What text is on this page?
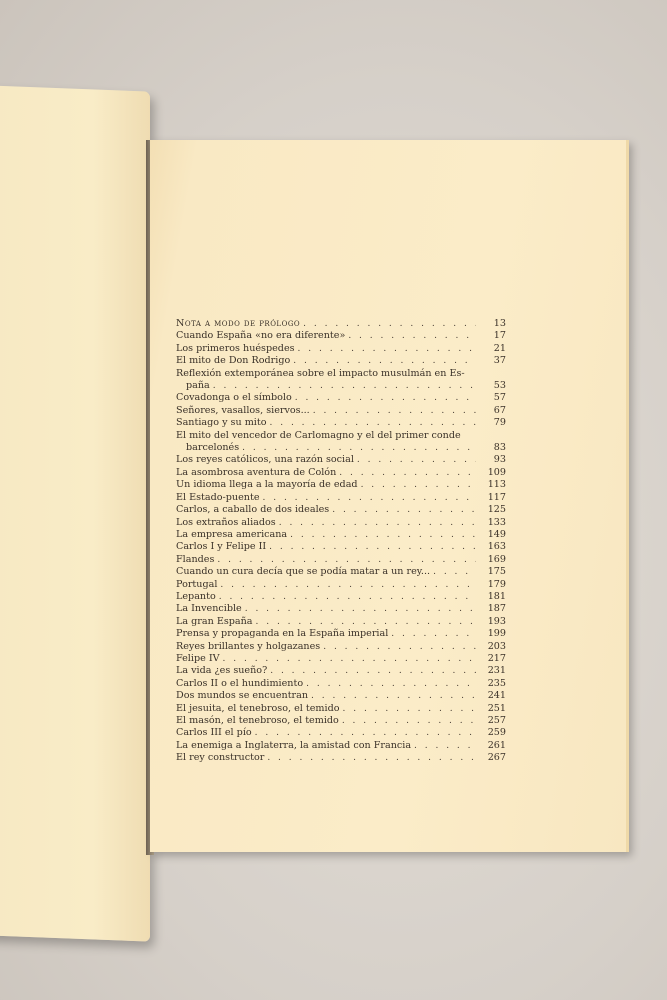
Nota a modo de prólogo . . .	13
Cuando España «no era diferente» . . .	17
Los primeros huéspedes . . .	21
El mito de Don Rodrigo . . .	37
Reflexión extemporánea sobre el impacto musulmán en Es-
paña . . .	53
Covadonga o el símbolo . . .	57
Señores, vasallos, siervos... . . .	67
Santiago y su mito . . .	79
El mito del vencedor de Carlomagno y el del primer conde
barcelonés . . .	83
Los reyes católicos, una razón social . . .	93
La asombrosa aventura de Colón . . .	109
Un idioma llega a la mayoría de edad . . .	113
El Estado-puente . . .	117
Carlos, a caballo de dos ideales . . .	125
Los extraños aliados . . .	133
La empresa americana . . .	149
Carlos I y Felipe II . . .	163
Flandes . . .	169
Cuando un cura decía que se podía matar a un rey... . . .	175
Portugal . . .	179
Lepanto . . .	181
La Invencible . . .	187
La gran España . . .	193
Prensa y propaganda en la España imperial . . .	199
Reyes brillantes y holgazanes . . .	203
Felipe IV . . .	217
La vida ¿es sueño? . . .	231
Carlos II o el hundimiento . . .	235
Dos mundos se encuentran . . .	241
El jesuita, el tenebroso, el temido . . .	251
El masón, el tenebroso, el temido . . .	257
Carlos III el pío . . .	259
La enemiga a Inglaterra, la amistad con Francia . . .	261
El rey constructor . . .	267
